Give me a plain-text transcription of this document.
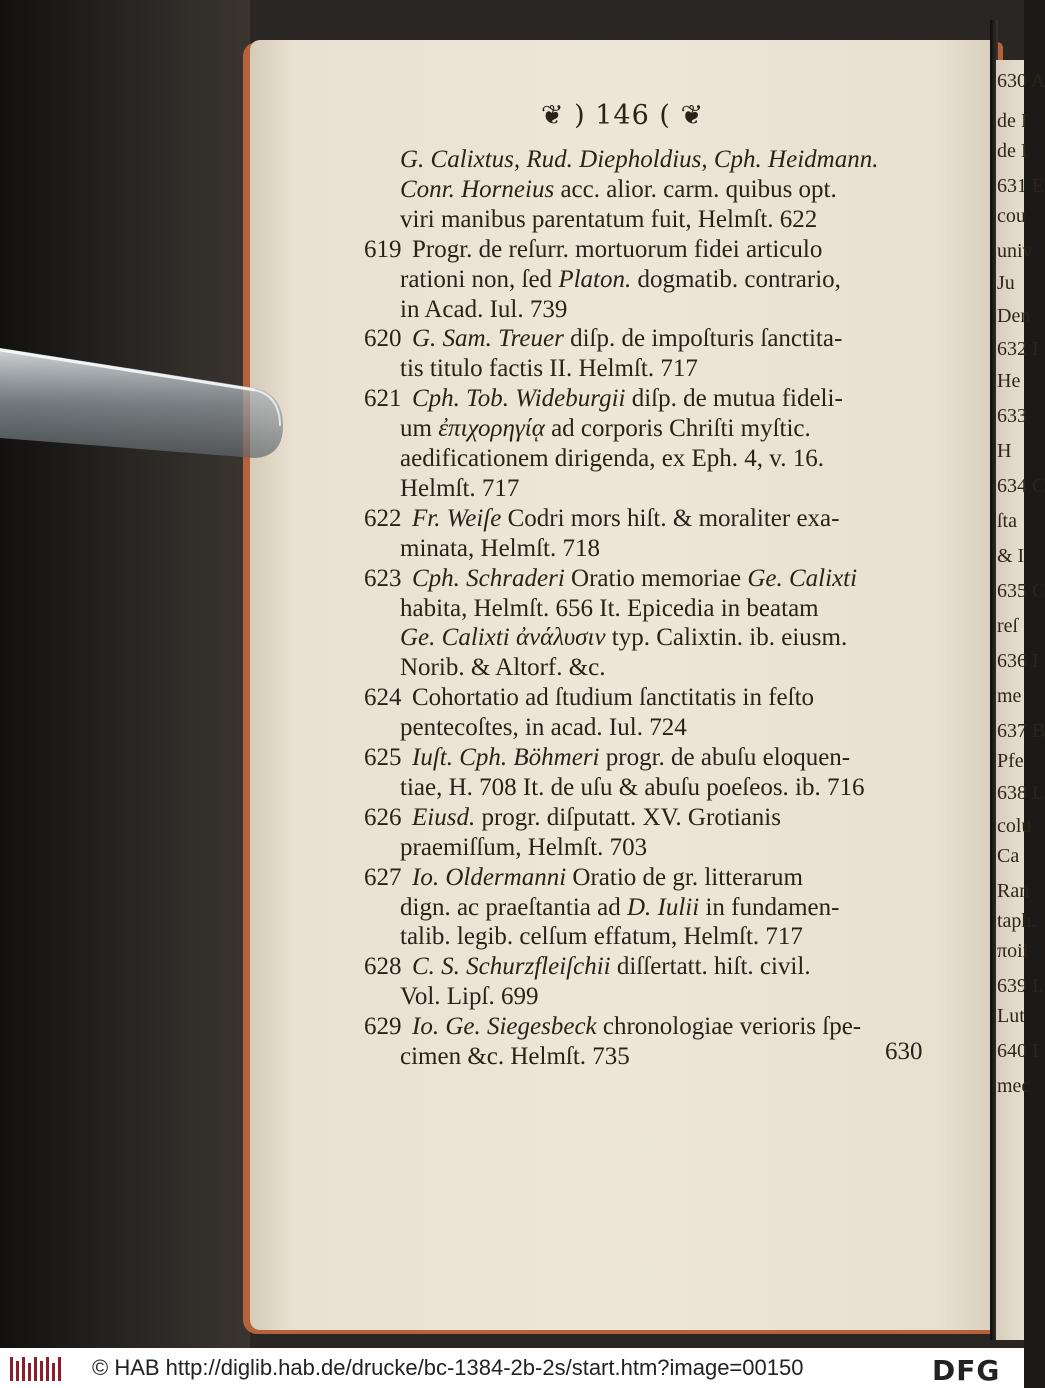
630 A
de I
de I
631 E
cou
univ
Ju
Den
632 I
He
633
H
634 C
ſta
& I
635 C
reſ
636 I
me
637 B
Pfe
638 L
colu
Ca
Ran
taph.
πoii
639 I.
Lut
640 I
mec
❦ ) 146 ( ❦
G. Calixtus, Rud. Diepholdius, Cph. Heidmann.
Conr. Horneius acc. alior. carm. quibus opt.
viri manibus parentatum fuit, Helmſt. 622
619 Progr. de reſurr. mortuorum fidei articulo
rationi non, ſed Platon. dogmatib. contrario,
in Acad. Iul. 739
620 G. Sam. Treuer diſp. de impoſturis ſanctita-
tis titulo factis II. Helmſt. 717
621 Cph. Tob. Wideburgii diſp. de mutua fideli-
um ἐπιχορηγίᾳ ad corporis Chriſti myſtic.
aedificationem dirigenda, ex Eph. 4, v. 16.
Helmſt. 717
622 Fr. Weiſe Codri mors hiſt. & moraliter exa-
minata, Helmſt. 718
623 Cph. Schraderi Oratio memoriae Ge. Calixti
habita, Helmſt. 656 It. Epicedia in beatam
Ge. Calixti ἀνάλυσιν typ. Calixtin. ib. eiusm.
Norib. & Altorf. &c.
624 Cohortatio ad ſtudium ſanctitatis in feſto
pentecoſtes, in acad. Iul. 724
625 Iuſt. Cph. Böhmeri progr. de abuſu eloquen-
tiae, H. 708 It. de uſu & abuſu poeſeos. ib. 716
626 Eiusd. progr. diſputatt. XV. Grotianis
praemiſſum, Helmſt. 703
627 Io. Oldermanni Oratio de gr. litterarum
dign. ac praeſtantia ad D. Iulii in fundamen-
talib. legib. celſum effatum, Helmſt. 717
628 C. S. Schurzfleiſchii diſſertatt. hiſt. civil.
Vol. Lipſ. 699
629 Io. Ge. Siegesbeck chronologiae verioris ſpe-
cimen &c. Helmſt. 735	630
© HAB http://diglib.hab.de/drucke/bc-1384-2b-2s/start.htm?image=00150	DFG
